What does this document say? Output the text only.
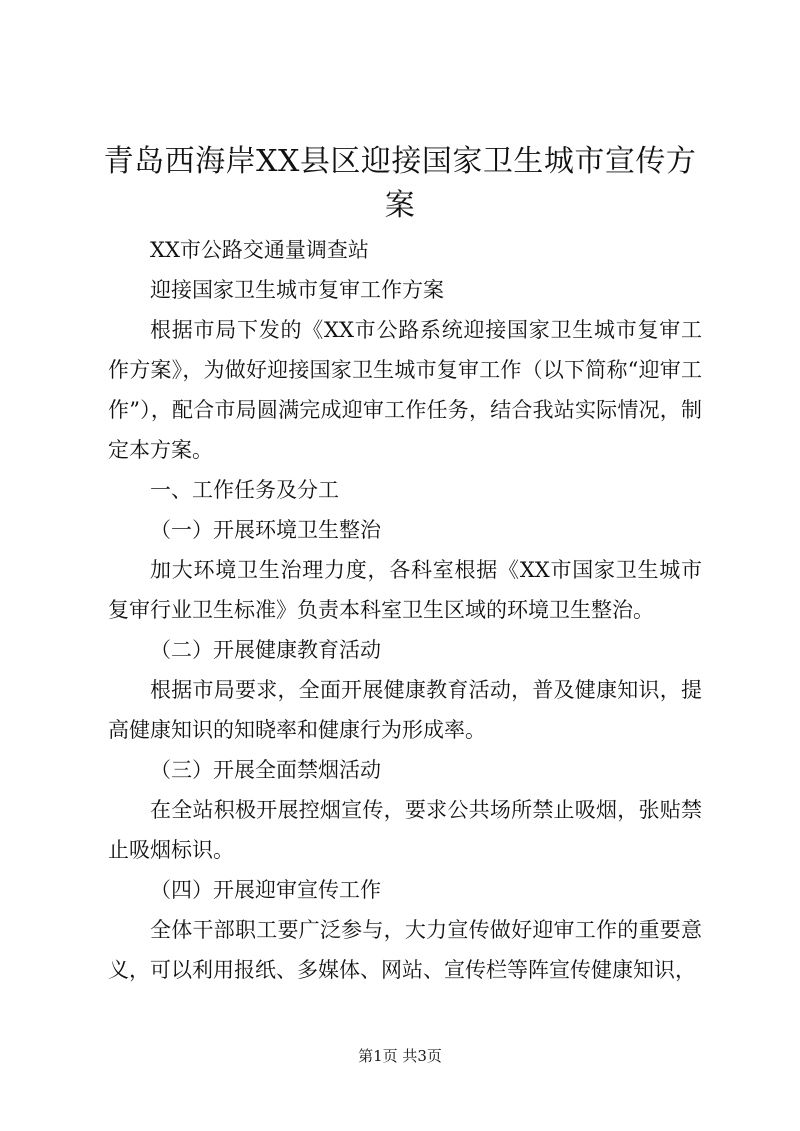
青岛西海岸XX县区迎接国家卫生城市宣传方案

XX市公路交通量调查站

迎接国家卫生城市复审工作方案

根据市局下发的《XX市公路系统迎接国家卫生城市复审工作方案》，为做好迎接国家卫生城市复审工作（以下简称“迎审工作”），配合市局圆满完成迎审工作任务，结合我站实际情况，制定本方案。

一、工作任务及分工

（一）开展环境卫生整治

加大环境卫生治理力度，各科室根据《XX市国家卫生城市复审行业卫生标准》负责本科室卫生区域的环境卫生整治。

（二）开展健康教育活动

根据市局要求，全面开展健康教育活动，普及健康知识，提高健康知识的知晓率和健康行为形成率。

（三）开展全面禁烟活动

在全站积极开展控烟宣传，要求公共场所禁止吸烟，张贴禁止吸烟标识。

（四）开展迎审宣传工作

全体干部职工要广泛参与，大力宣传做好迎审工作的重要意义，可以利用报纸、多媒体、网站、宣传栏等阵宣传健康知识，

第1页 共3页
